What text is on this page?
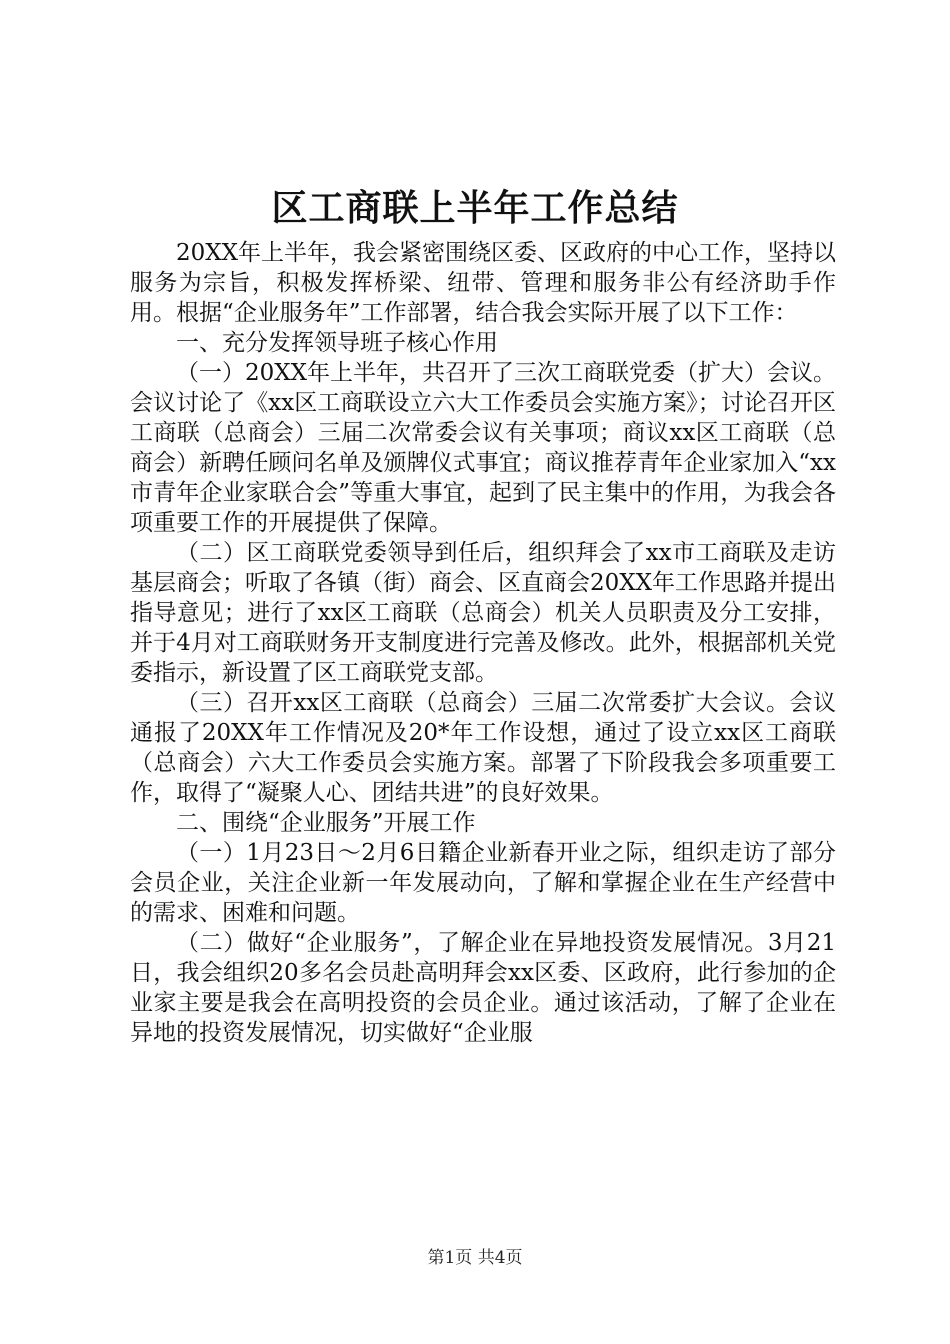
区工商联上半年工作总结

20XX年上半年，我会紧密围绕区委、区政府的中心工作，坚持以服务为宗旨，积极发挥桥梁、纽带、管理和服务非公有经济助手作用。根据“企业服务年”工作部署，结合我会实际开展了以下工作：

一、充分发挥领导班子核心作用

（一）20XX年上半年，共召开了三次工商联党委（扩大）会议。会议讨论了《xx区工商联设立六大工作委员会实施方案》；讨论召开区工商联（总商会）三届二次常委会议有关事项；商议xx区工商联（总商会）新聘任顾问名单及颁牌仪式事宜；商议推荐青年企业家加入“xx市青年企业家联合会”等重大事宜，起到了民主集中的作用，为我会各项重要工作的开展提供了保障。

（二）区工商联党委领导到任后，组织拜会了xx市工商联及走访基层商会；听取了各镇（街）商会、区直商会20XX年工作思路并提出指导意见；进行了xx区工商联（总商会）机关人员职责及分工安排，并于4月对工商联财务开支制度进行完善及修改。此外，根据部机关党委指示，新设置了区工商联党支部。

（三）召开xx区工商联（总商会）三届二次常委扩大会议。会议通报了20XX年工作情况及20*年工作设想，通过了设立xx区工商联（总商会）六大工作委员会实施方案。部署了下阶段我会多项重要工作，取得了“凝聚人心、团结共进”的良好效果。

二、围绕“企业服务”开展工作

（一）1月23日～2月6日籍企业新春开业之际，组织走访了部分会员企业，关注企业新一年发展动向，了解和掌握企业在生产经营中的需求、困难和问题。

（二）做好“企业服务”，了解企业在异地投资发展情况。3月21日，我会组织20多名会员赴高明拜会xx区委、区政府，此行参加的企业家主要是我会在高明投资的会员企业。通过该活动，了解了企业在异地的投资发展情况，切实做好“企业服

第1页 共4页
